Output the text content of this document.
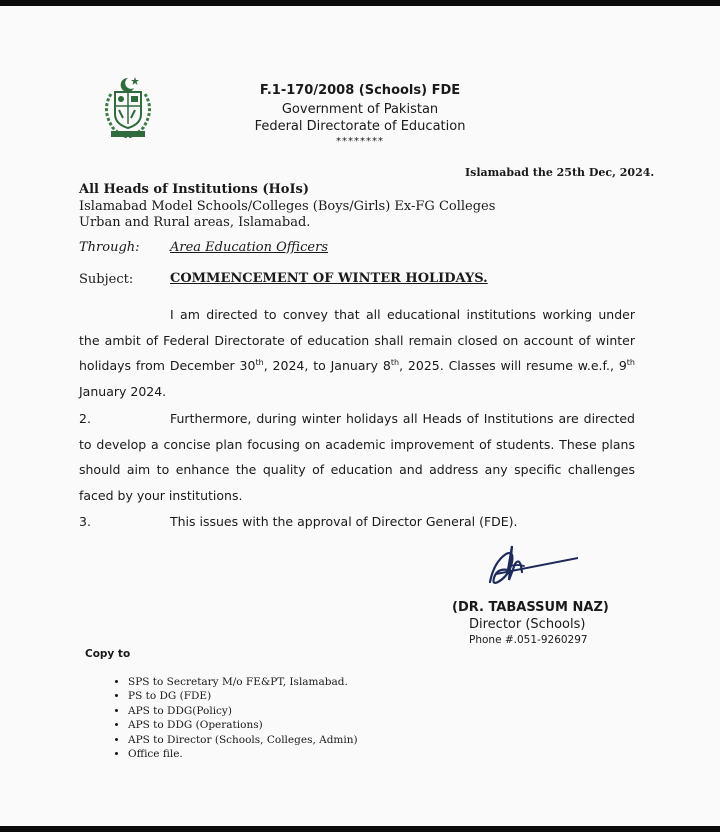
F.1-170/2008 (Schools) FDE
Government of Pakistan
Federal Directorate of Education
********
Islamabad the 25th Dec, 2024.
All Heads of Institutions (HoIs)
Islamabad Model Schools/Colleges (Boys/Girls) Ex-FG Colleges
Urban and Rural areas, Islamabad.
Through: Area Education Officers
Subject:	COMMENCEMENT OF WINTER HOLIDAYS.
I am directed to convey that all educational institutions working under the ambit of Federal Directorate of education shall remain closed on account of winter holidays from December 30th, 2024, to January 8th, 2025. Classes will resume w.e.f., 9th January 2024.
2.	Furthermore, during winter holidays all Heads of Institutions are directed to develop a concise plan focusing on academic improvement of students. These plans should aim to enhance the quality of education and address any specific challenges faced by your institutions.
3.	This issues with the approval of Director General (FDE).
(DR. TABASSUM NAZ)
Director (Schools)
Phone #.051-9260297
Copy to
• SPS to Secretary M/o FE&PT, Islamabad.
• PS to DG (FDE)
• APS to DDG(Policy)
• APS to DDG (Operations)
• APS to Director (Schools, Colleges, Admin)
• Office file.
